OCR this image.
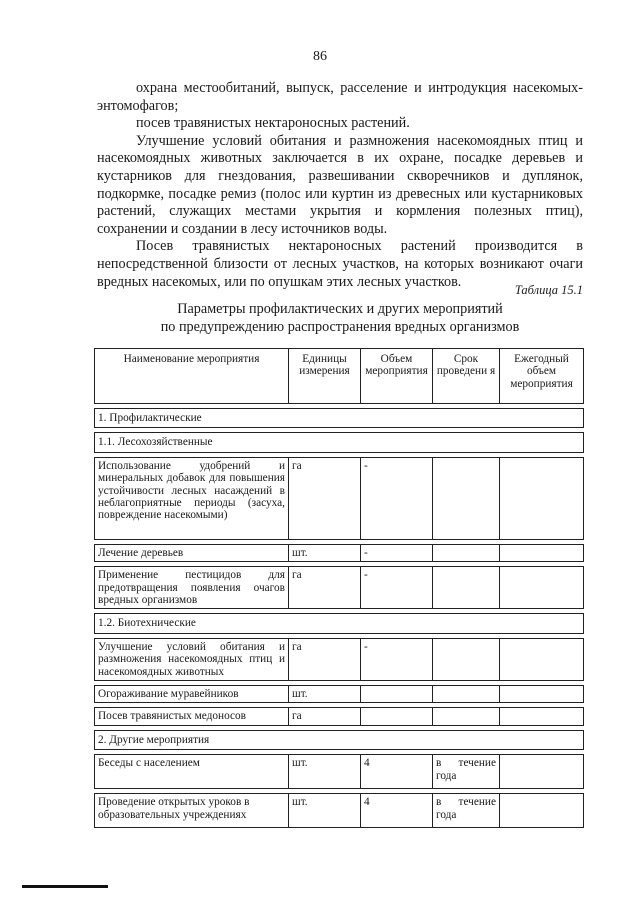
86

охрана местообитаний, выпуск, расселение и интродукция насекомых-энтомофагов;

посев травянистых нектароносных растений.

Улучшение условий обитания и размножения насекомоядных птиц и насекомоядных животных заключается в их охране, посадке деревьев и кустарников для гнездования, развешивании скворечников и дуплянок, подкормке, посадке ремиз (полос или куртин из древесных или кустарниковых растений, служащих местами укрытия и кормления полезных птиц), сохранении и создании в лесу источников воды.

Посев травянистых нектароносных растений производится в непосредственной близости от лесных участков, на которых возникают очаги вредных насекомых, или по опушкам этих лесных участков.

Таблица 15.1
Параметры профилактических и других мероприятий
по предупреждению распространения вредных организмов
Наименование мероприятия	Единицы измерения	Объем мероприятия	Срок проведени я	Ежегодный объем мероприятия

1. Профилактические				

1.1. Лесохозяйственные				

Использование удобрений и минеральных добавок для повышения устойчивости лесных насаждений в неблагоприятные периоды (засуха, повреждение насекомыми)	га	-		

Лечение деревьев	шт.	-		

Применение пестицидов для предотвращения появления очагов вредных организмов	га	-		

1.2. Биотехнические				

Улучшение условий обитания и размножения насекомоядных птиц и насекомоядных животных	га	-		

Огораживание муравейников	шт.			

Посев травянистых медоносов	га			

2. Другие мероприятия				

Беседы с населением	шт.	4	в течение года	

Проведение открытых уроков в образовательных учреждениях	шт.	4	в течение года	
